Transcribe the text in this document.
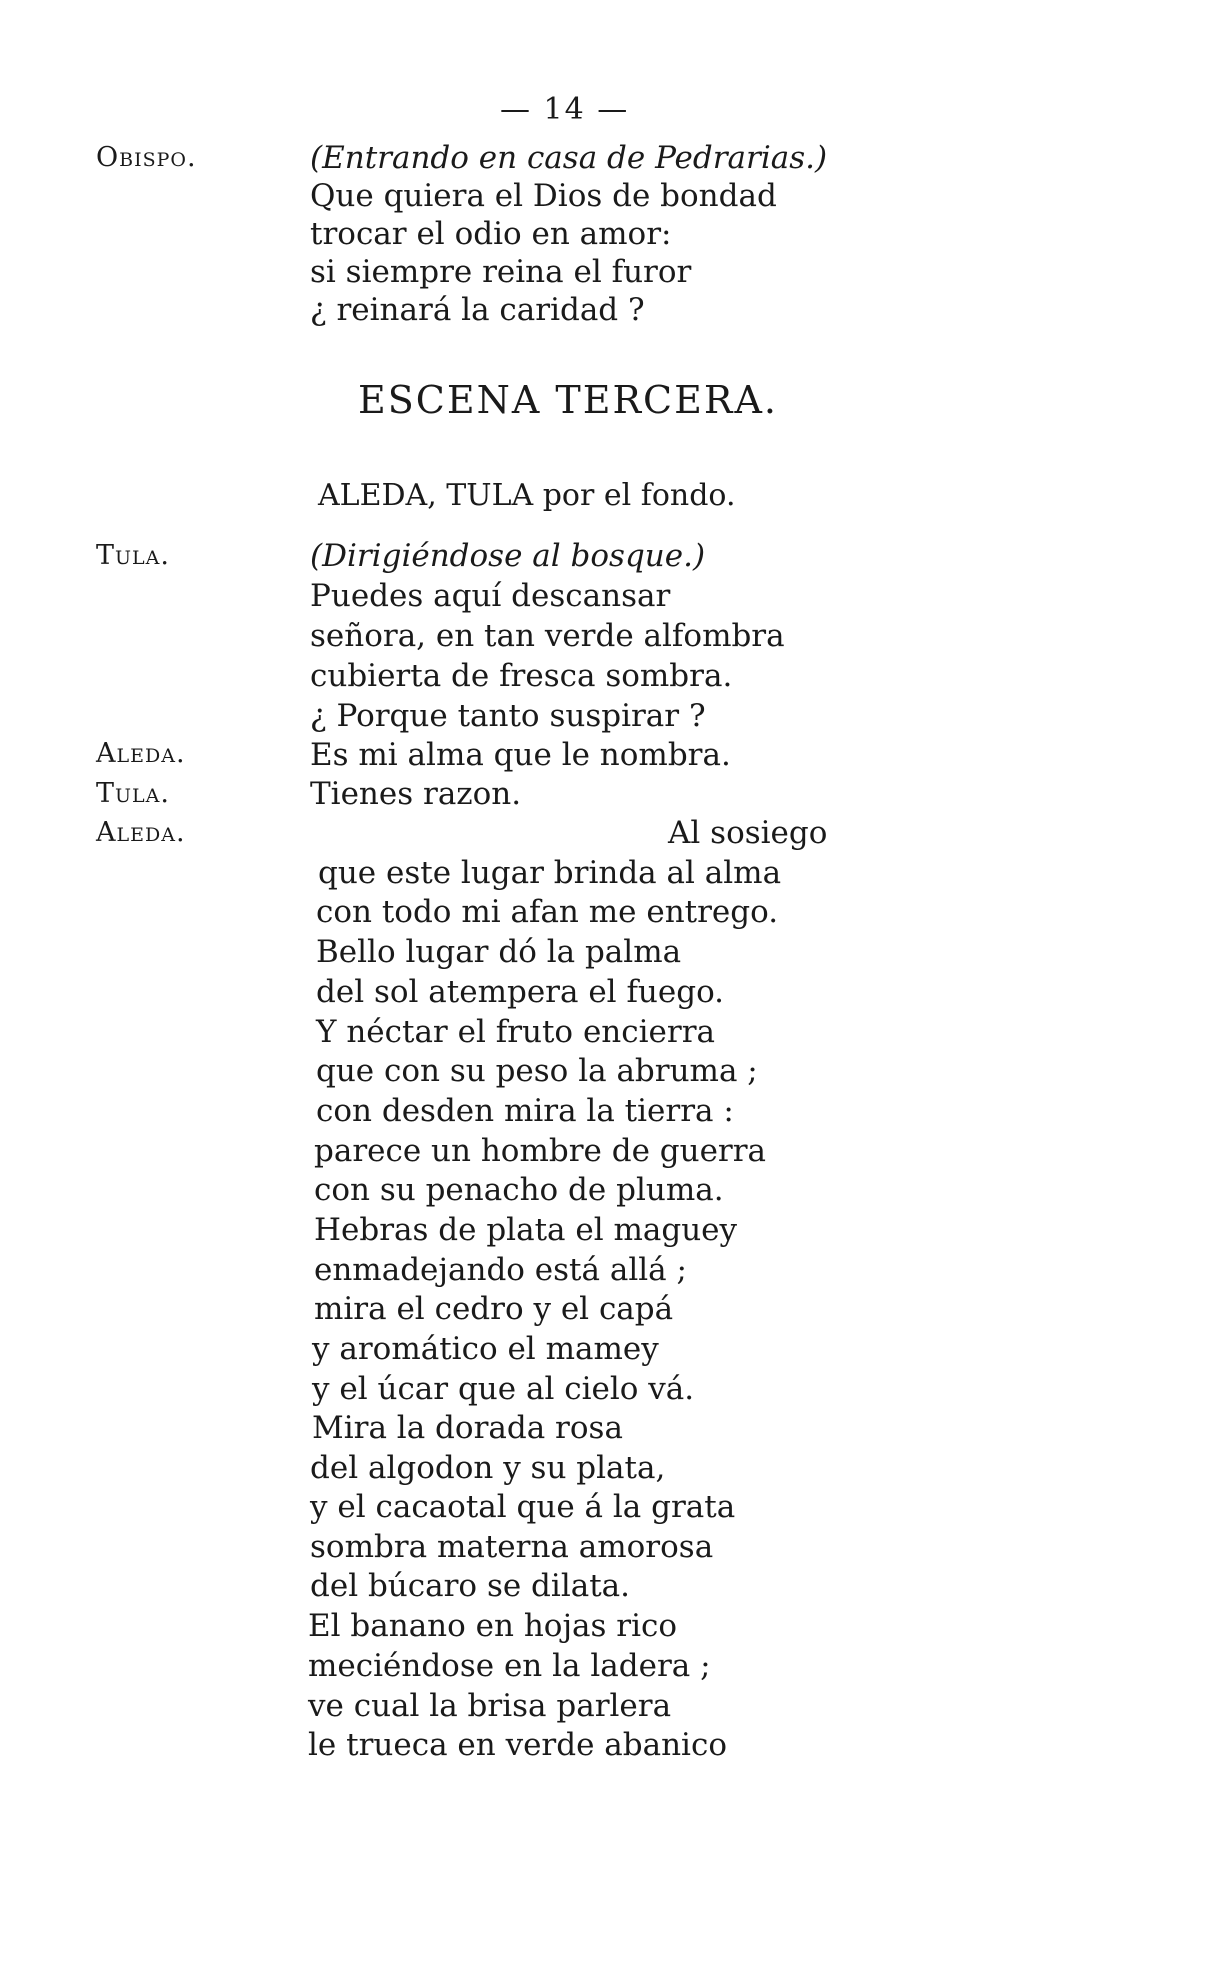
— 14 —
Obispo.	(Entrando en casa de Pedrarias.)
Que quiera el Dios de bondad
trocar el odio en amor:
si siempre reina el furor
¿ reinará la caridad ?
ESCENA TERCERA.
ALEDA, TULA por el fondo.
Tula.
Aleda.
Tula.
Aleda.
(Dirigiéndose al bosque.)
Puedes aquí descansar
señora, en tan verde alfombra
cubierta de fresca sombra.
¿ Porque tanto suspirar ?
Es mi alma que le nombra.
Tienes razon.
Al sosiego
que este lugar brinda al alma
con todo mi afan me entrego.
Bello lugar dó la palma
del sol atempera el fuego.
Y néctar el fruto encierra
que con su peso la abruma ;
con desden mira la tierra :
parece un hombre de guerra
con su penacho de pluma.
Hebras de plata el maguey
enmadejando está allá ;
mira el cedro y el capá
y aromático el mamey
y el úcar que al cielo vá.
Mira la dorada rosa
del algodon y su plata,
y el cacaotal que á la grata
sombra materna amorosa
del búcaro se dilata.
El banano en hojas rico
meciéndose en la ladera ;
ve cual la brisa parlera
le trueca en verde abanico
